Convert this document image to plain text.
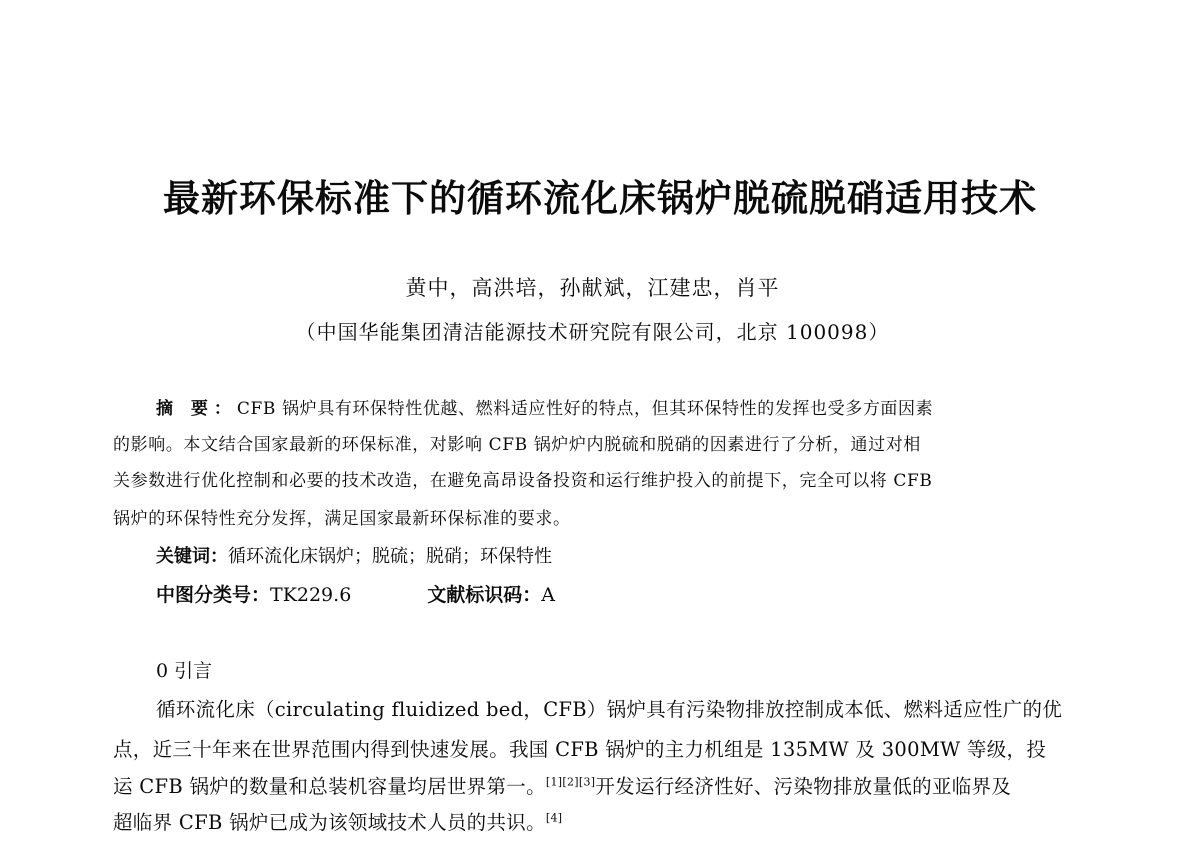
最新环保标准下的循环流化床锅炉脱硫脱硝适用技术
黄中，高洪培，孙献斌，江建忠，肖平
（中国华能集团清洁能源技术研究院有限公司，北京 100098）
摘 要：CFB 锅炉具有环保特性优越、燃料适应性好的特点，但其环保特性的发挥也受多方面因素
的影响。本文结合国家最新的环保标准，对影响 CFB 锅炉炉内脱硫和脱硝的因素进行了分析，通过对相
关参数进行优化控制和必要的技术改造，在避免高昂设备投资和运行维护投入的前提下，完全可以将 CFB
锅炉的环保特性充分发挥，满足国家最新环保标准的要求。
关键词：循环流化床锅炉；脱硫；脱硝；环保特性
中图分类号：TK229.6	文献标识码：A
0 引言
循环流化床（circulating fluidized bed，CFB）锅炉具有污染物排放控制成本低、燃料适应性广的优
点，近三十年来在世界范围内得到快速发展。我国 CFB 锅炉的主力机组是 135MW 及 300MW 等级，投
运 CFB 锅炉的数量和总装机容量均居世界第一。[1][2][3]开发运行经济性好、污染物排放量低的亚临界及
超临界 CFB 锅炉已成为该领域技术人员的共识。[4]
